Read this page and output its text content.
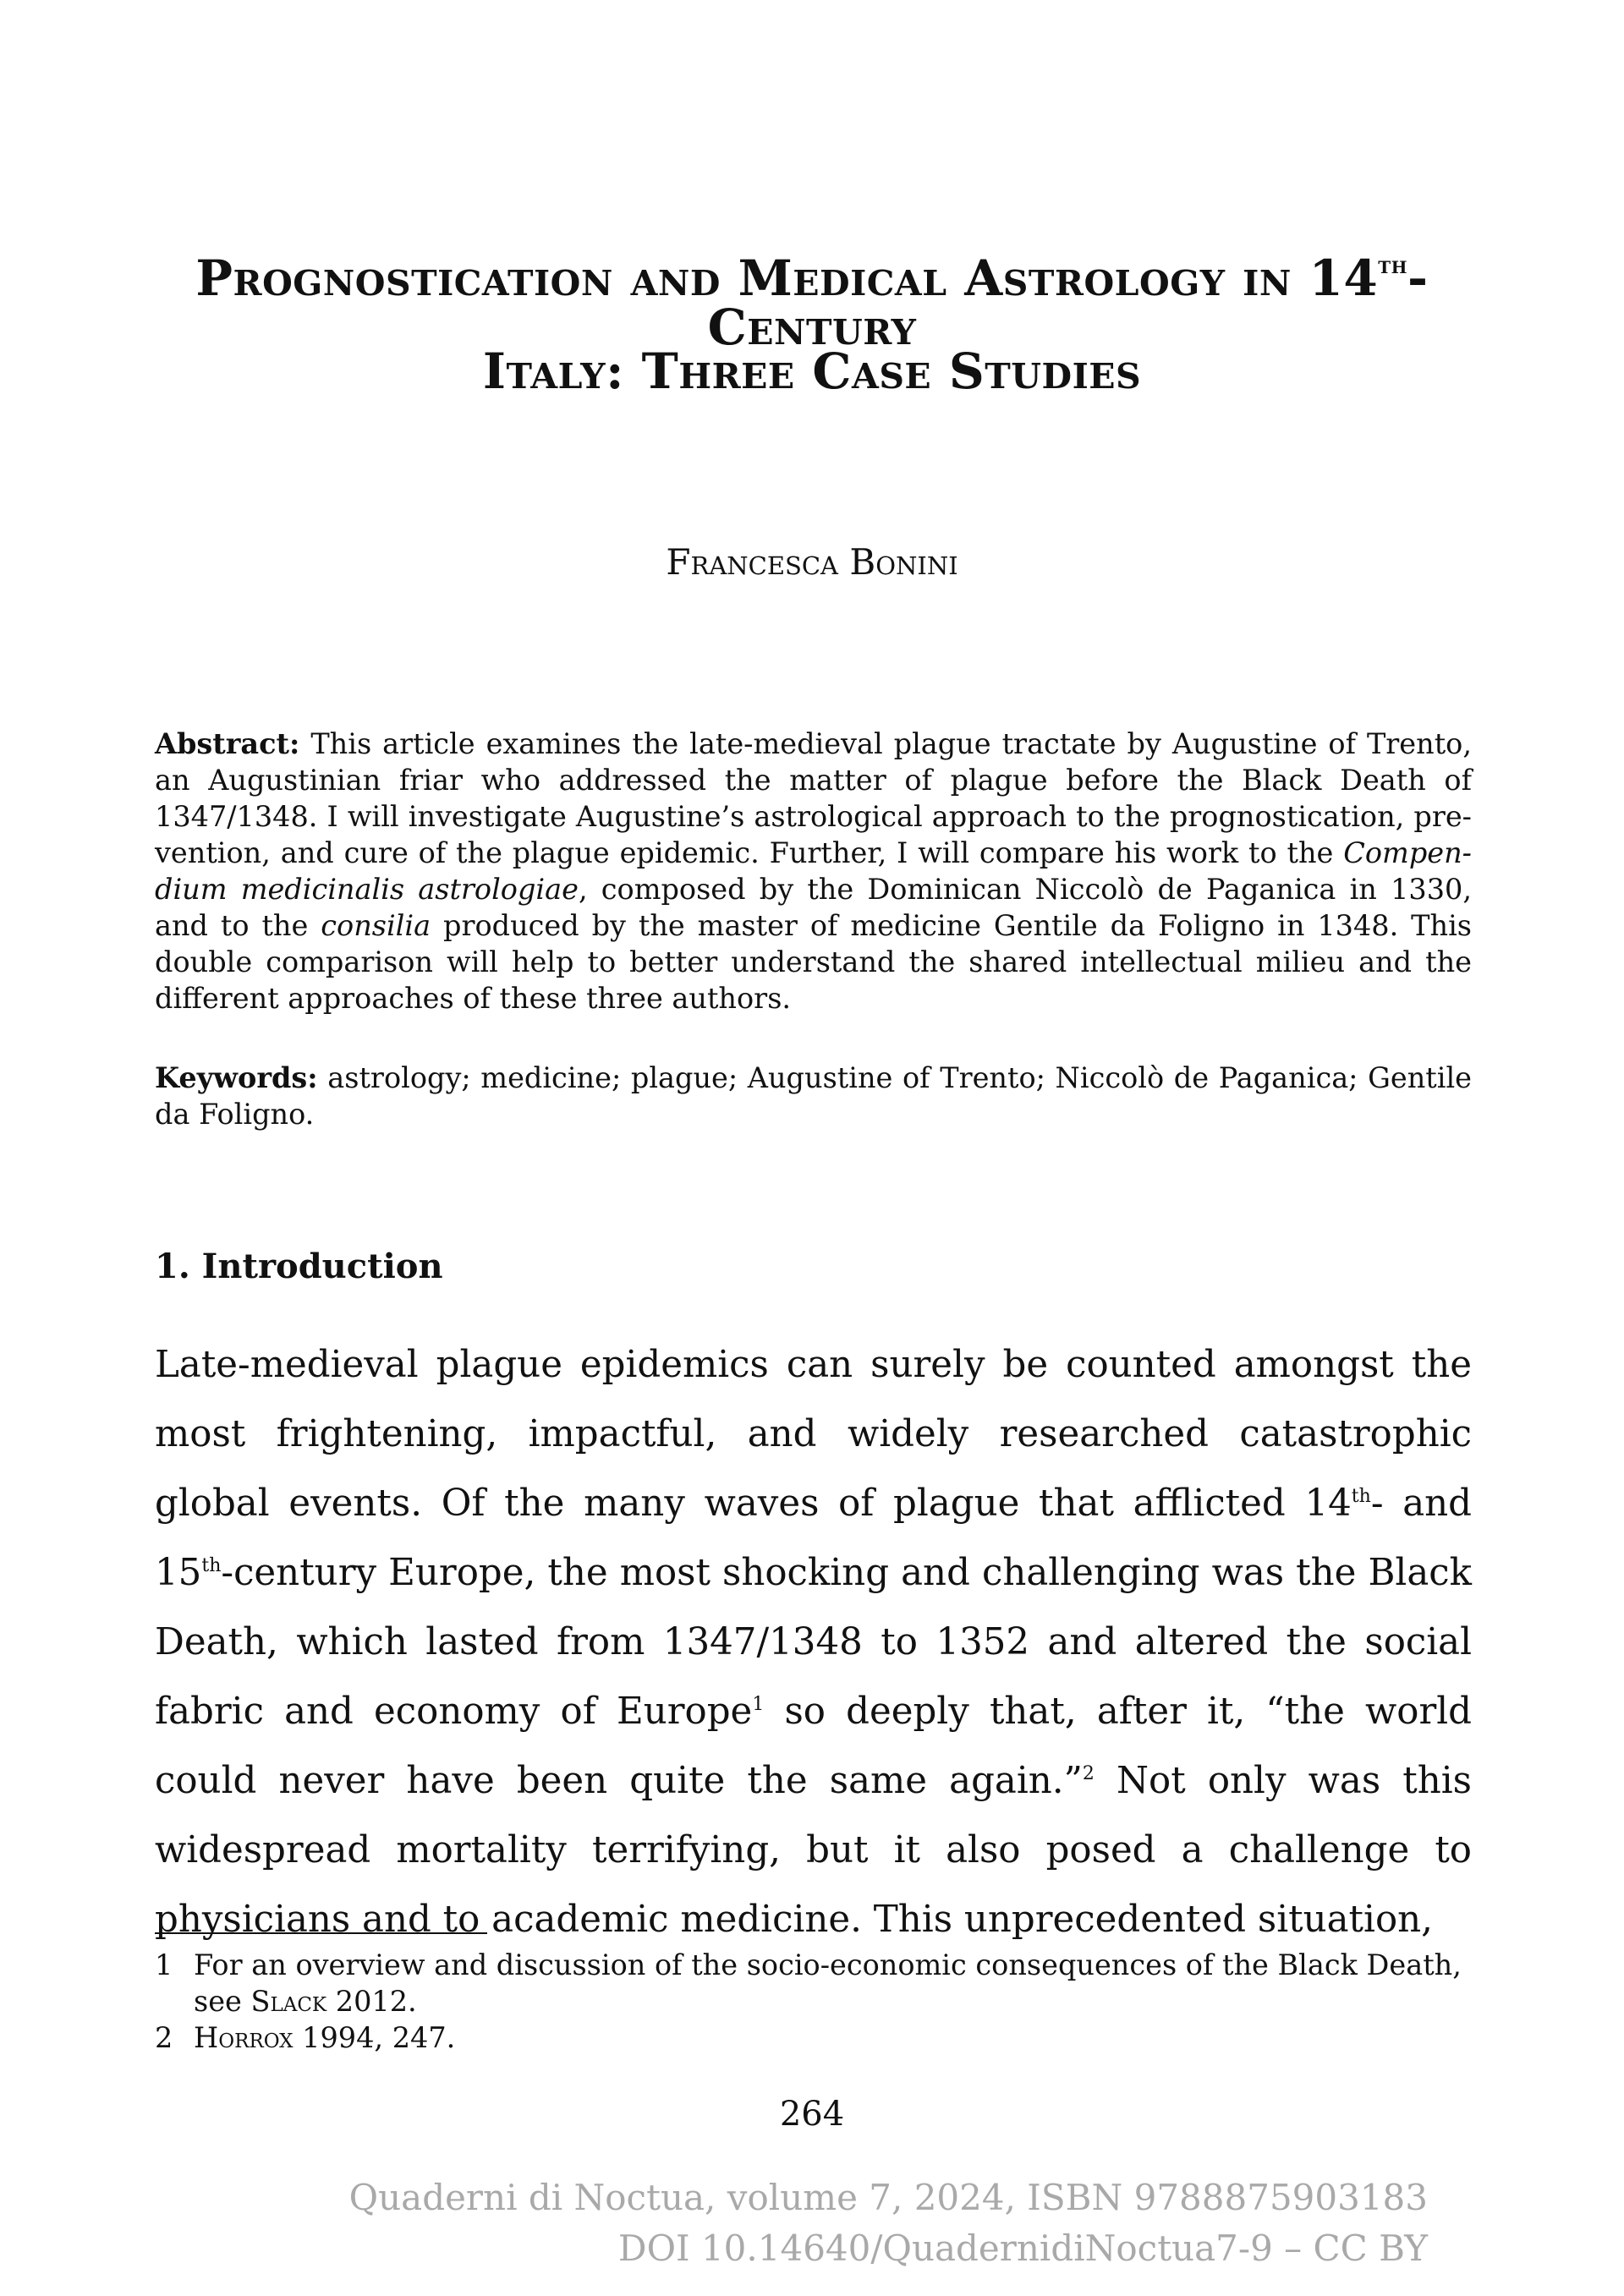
Prognostication and Medical Astrology in 14th-Century
Italy: Three Case Studies
Francesca Bonini
Abstract: This article examines the late-medieval plague tractate by Augustine of Trento, an Augustinian friar who addressed the matter of plague before the Black Death of 1347/1348. I will investigate Augustine’s astrological approach to the prognostication, prevention, and cure of the plague epidemic. Further, I will compare his work to the Compendium medicinalis astrologiae, composed by the Dominican Niccolò de Paganica in 1330, and to the consilia produced by the master of medicine Gentile da Foligno in 1348. This double comparison will help to better understand the shared intellectual milieu and the different approaches of these three authors.
Keywords: astrology; medicine; plague; Augustine of Trento; Niccolò de Paganica; Gentile da Foligno.
1. Introduction
Late-medieval plague epidemics can surely be counted amongst the most frightening, impactful, and widely researched catastrophic global events. Of the many waves of plague that afflicted 14th- and 15th-century Europe, the most shocking and challenging was the Black Death, which lasted from 1347/1348 to 1352 and altered the social fabric and economy of Europe$^1$ so deeply that, after it, “the world could never have been quite the same again.”$^2$ Not only was this widespread mortality terrifying, but it also posed a challenge to physicians and to academic medicine. This unprecedented situation,
1 For an overview and discussion of the socio-economic consequences of the Black Death, see Slack 2012.
2 Horrox 1994, 247.
264
Quaderni di Noctua, volume 7, 2024, ISBN 9788875903183
DOI 10.14640/QuadernidiNoctua7-9 – CC BY
